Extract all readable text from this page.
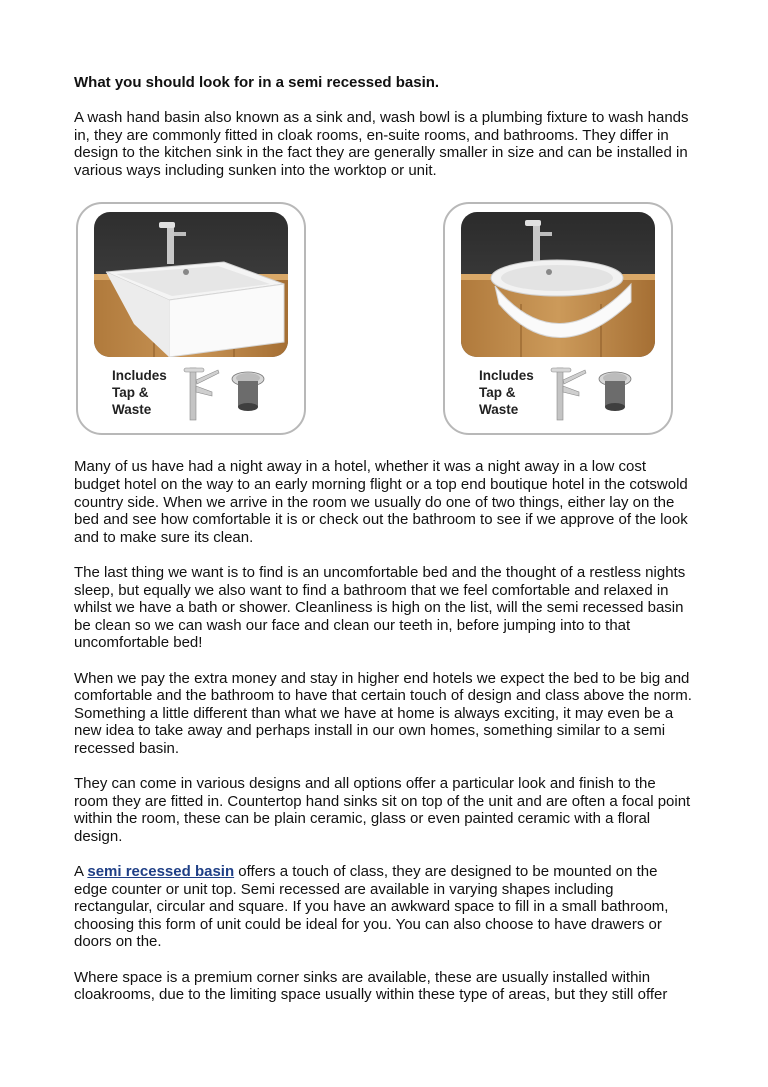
What you should look for in a semi recessed basin.

A wash hand basin also known as a sink and, wash bowl is a plumbing fixture to wash hands in, they are commonly fitted in cloak rooms, en-suite rooms, and bathrooms. They differ in design to the kitchen sink in the fact they are generally smaller in size and can be installed in various ways including sunken into the worktop or unit.

Includes
Tap &
Waste
Includes
Tap &
Waste

Many of us have had a night away in a hotel, whether it was a night away in a low cost budget hotel on the way to an early morning flight or a top end boutique hotel in the cotswold country side. When we arrive in the room we usually do one of two things, either lay on the bed and see how comfortable it is or check out the bathroom to see if we approve of the look and to make sure its clean.

The last thing we want is to find is an uncomfortable bed and the thought of a restless nights sleep, but equally we also want to find a bathroom that we feel comfortable and relaxed in whilst we have a bath or shower. Cleanliness is high on the list, will the semi recessed basin be clean so we can wash our face and clean our teeth in, before jumping into to that uncomfortable bed!

When we pay the extra money and stay in higher end hotels we expect the bed to be big and comfortable and the bathroom to have that certain touch of design and class above the norm. Something a little different than what we have at home is always exciting, it may even be a new idea to take away and perhaps install in our own homes, something similar to a semi recessed basin.

They can come in various designs and all options offer a particular look and finish to the room they are fitted in. Countertop hand sinks sit on top of the unit and are often a focal point within the room, these can be plain ceramic, glass or even painted ceramic with a floral design.

A semi recessed basin offers a touch of class, they are designed to be mounted on the edge counter or unit top. Semi recessed are available in varying shapes including rectangular, circular and square. If you have an awkward space to fill in a small bathroom, choosing this form of unit could be ideal for you. You can also choose to have drawers or doors on the.

Where space is a premium corner sinks are available, these are usually installed within cloakrooms, due to the limiting space usually within these type of areas, but they still offer
